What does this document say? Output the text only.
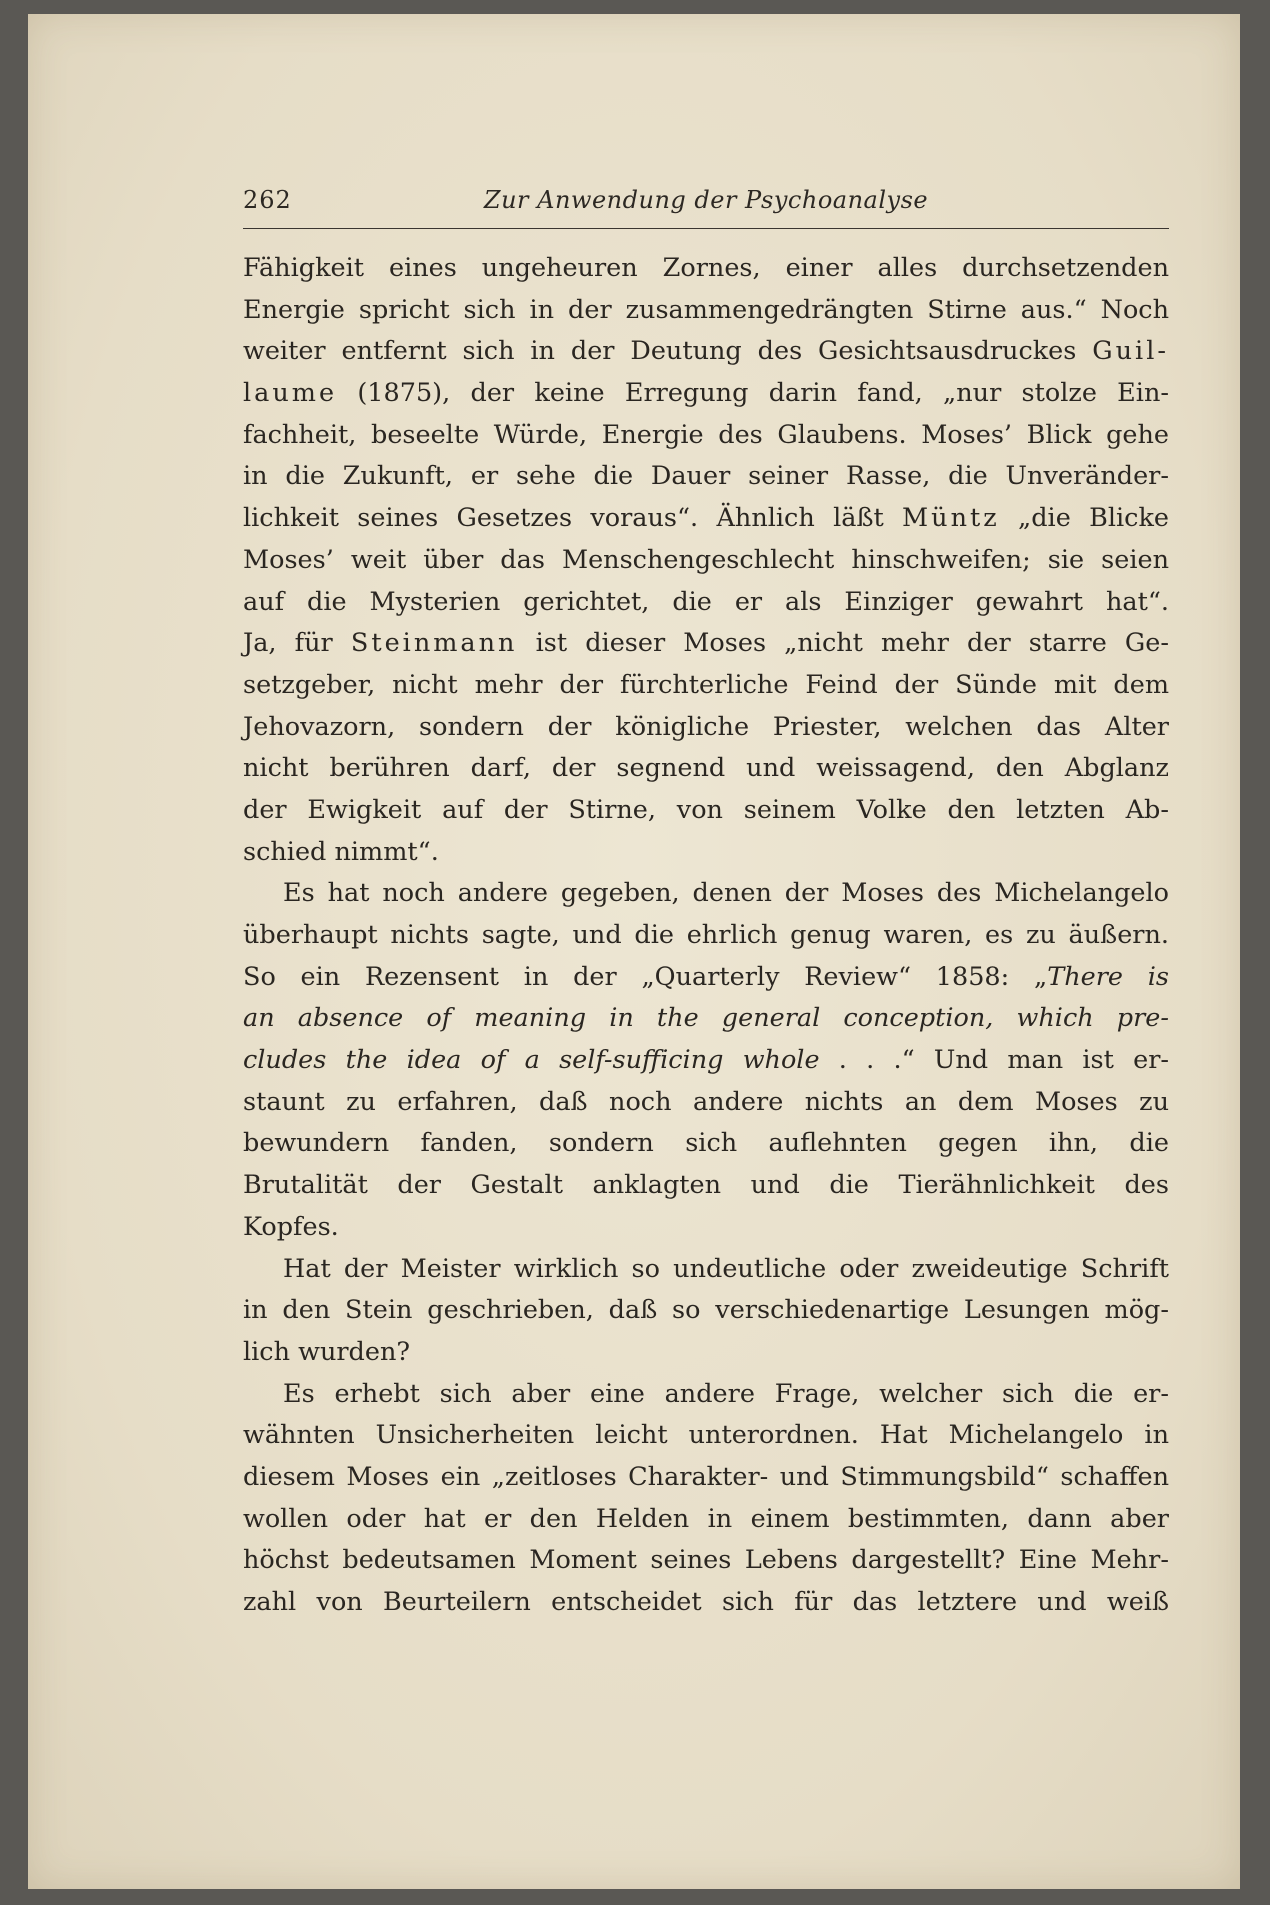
262	Zur Anwendung der Psychoanalyse
Fähigkeit eines ungeheuren Zornes, einer alles durchsetzenden
Energie spricht sich in der zusammengedrängten Stirne aus.“ Noch
weiter entfernt sich in der Deutung des Gesichtsausdruckes Guil-
laume (1875), der keine Erregung darin fand, „nur stolze Ein-
fachheit, beseelte Würde, Energie des Glaubens. Moses’ Blick gehe
in die Zukunft, er sehe die Dauer seiner Rasse, die Unveränder-
lichkeit seines Gesetzes voraus“. Ähnlich läßt Müntz „die Blicke
Moses’ weit über das Menschengeschlecht hinschweifen; sie seien
auf die Mysterien gerichtet, die er als Einziger gewahrt hat“.
Ja, für Steinmann ist dieser Moses „nicht mehr der starre Ge-
setzgeber, nicht mehr der fürchterliche Feind der Sünde mit dem
Jehovazorn, sondern der königliche Priester, welchen das Alter
nicht berühren darf, der segnend und weissagend, den Abglanz
der Ewigkeit auf der Stirne, von seinem Volke den letzten Ab-
schied nimmt“.
Es hat noch andere gegeben, denen der Moses des Michelangelo
überhaupt nichts sagte, und die ehrlich genug waren, es zu äußern.
So ein Rezensent in der „Quarterly Review“ 1858: „There is
an absence of meaning in the general conception, which pre-
cludes the idea of a self-sufficing whole . . .“ Und man ist er-
staunt zu erfahren, daß noch andere nichts an dem Moses zu
bewundern fanden, sondern sich auflehnten gegen ihn, die
Brutalität der Gestalt anklagten und die Tierähnlichkeit des
Kopfes.
Hat der Meister wirklich so undeutliche oder zweideutige Schrift
in den Stein geschrieben, daß so verschiedenartige Lesungen mög-
lich wurden?
Es erhebt sich aber eine andere Frage, welcher sich die er-
wähnten Unsicherheiten leicht unterordnen. Hat Michelangelo in
diesem Moses ein „zeitloses Charakter- und Stimmungsbild“ schaffen
wollen oder hat er den Helden in einem bestimmten, dann aber
höchst bedeutsamen Moment seines Lebens dargestellt? Eine Mehr-
zahl von Beurteilern entscheidet sich für das letztere und weiß
